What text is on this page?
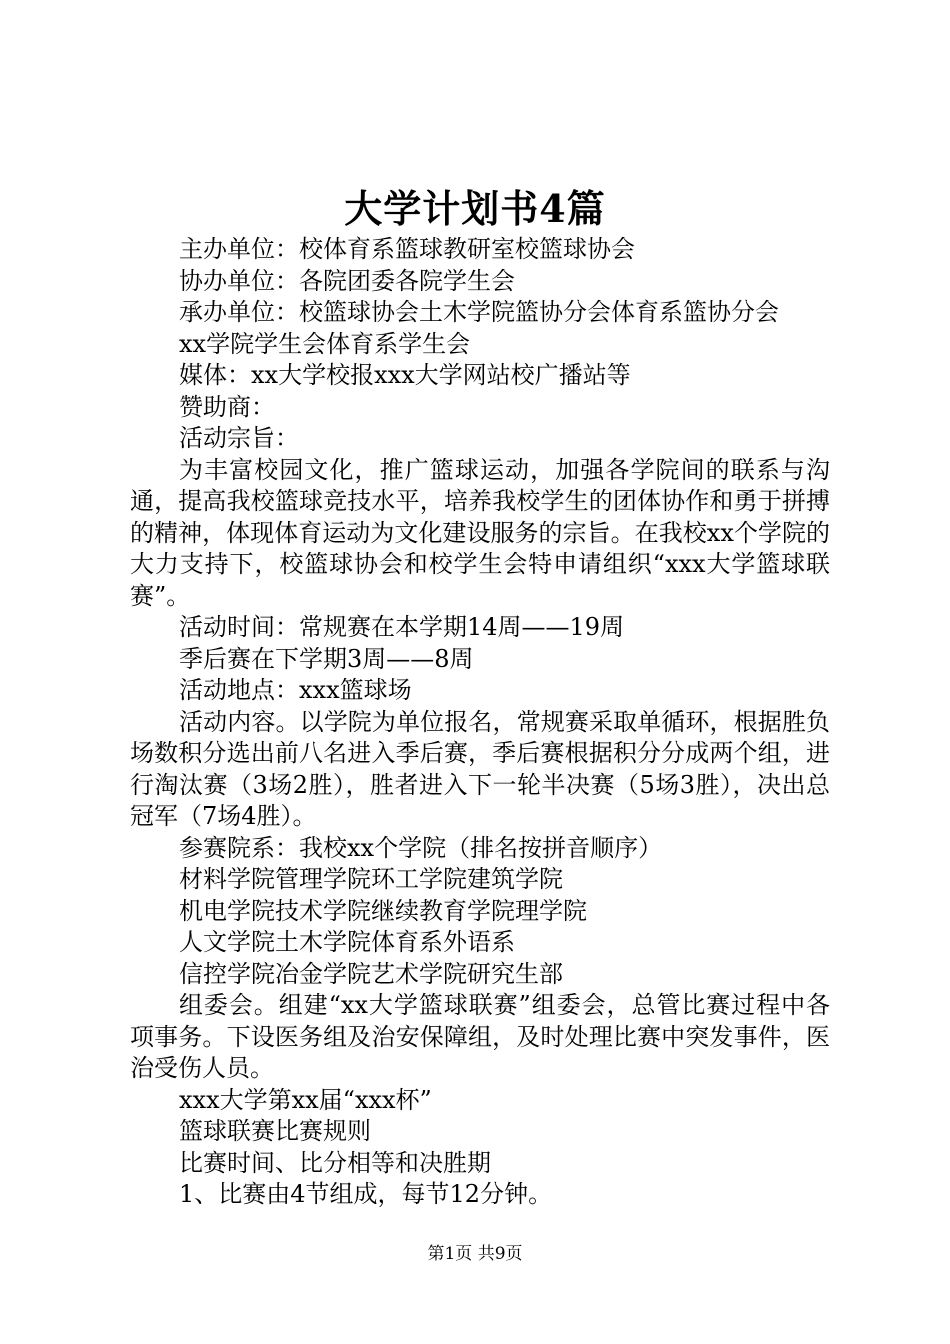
大学计划书4篇

主办单位：校体育系篮球教研室校篮球协会

协办单位：各院团委各院学生会

承办单位：校篮球协会土木学院篮协分会体育系篮协分会

xx学院学生会体育系学生会

媒体：xx大学校报xxx大学网站校广播站等

赞助商：

活动宗旨：

为丰富校园文化，推广篮球运动，加强各学院间的联系与沟通，提高我校篮球竞技水平，培养我校学生的团体协作和勇于拼搏的精神，体现体育运动为文化建设服务的宗旨。在我校xx个学院的大力支持下，校篮球协会和校学生会特申请组织“xxx大学篮球联赛”。

活动时间：常规赛在本学期14周——19周

季后赛在下学期3周——8周

活动地点：xxx篮球场

活动内容。以学院为单位报名，常规赛采取单循环，根据胜负场数积分选出前八名进入季后赛，季后赛根据积分分成两个组，进行淘汰赛（3场2胜），胜者进入下一轮半决赛（5场3胜），决出总冠军（7场4胜）。

参赛院系：我校xx个学院（排名按拼音顺序）

材料学院管理学院环工学院建筑学院

机电学院技术学院继续教育学院理学院

人文学院土木学院体育系外语系

信控学院冶金学院艺术学院研究生部

组委会。组建“xx大学篮球联赛”组委会，总管比赛过程中各项事务。下设医务组及治安保障组，及时处理比赛中突发事件，医治受伤人员。

xxx大学第xx届“xxx杯”

篮球联赛比赛规则

比赛时间、比分相等和决胜期

1、比赛由4节组成，每节12分钟。

第1页 共9页
